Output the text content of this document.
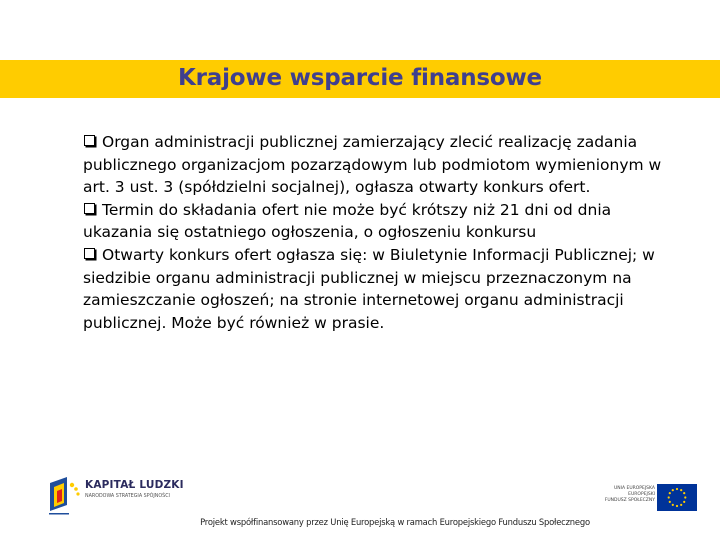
Krajowe wsparcie finansowe

Organ administracji publicznej zamierzający zlecić realizację zadania publicznego organizacjom pozarządowym lub podmiotom wymienionym w art. 3 ust. 3 (spółdzielni socjalnej), ogłasza otwarty konkurs ofert.

Termin do składania ofert nie może być krótszy niż 21 dni od dnia ukazania się ostatniego ogłoszenia, o ogłoszeniu konkursu

Otwarty konkurs ofert ogłasza się: w Biuletynie Informacji Publicznej; w siedzibie organu administracji publicznej w miejscu przeznaczonym na zamieszczanie ogłoszeń; na stronie internetowej organu administracji publicznej. Może być również w prasie.

KAPITAŁ LUDZKI
NARODOWA STRATEGIA SPÓJNOŚCI
UNIA EUROPEJSKA
EUROPEJSKI
FUNDUSZ SPOŁECZNY
Projekt współfinansowany przez Unię Europejską w ramach Europejskiego Funduszu Społecznego
